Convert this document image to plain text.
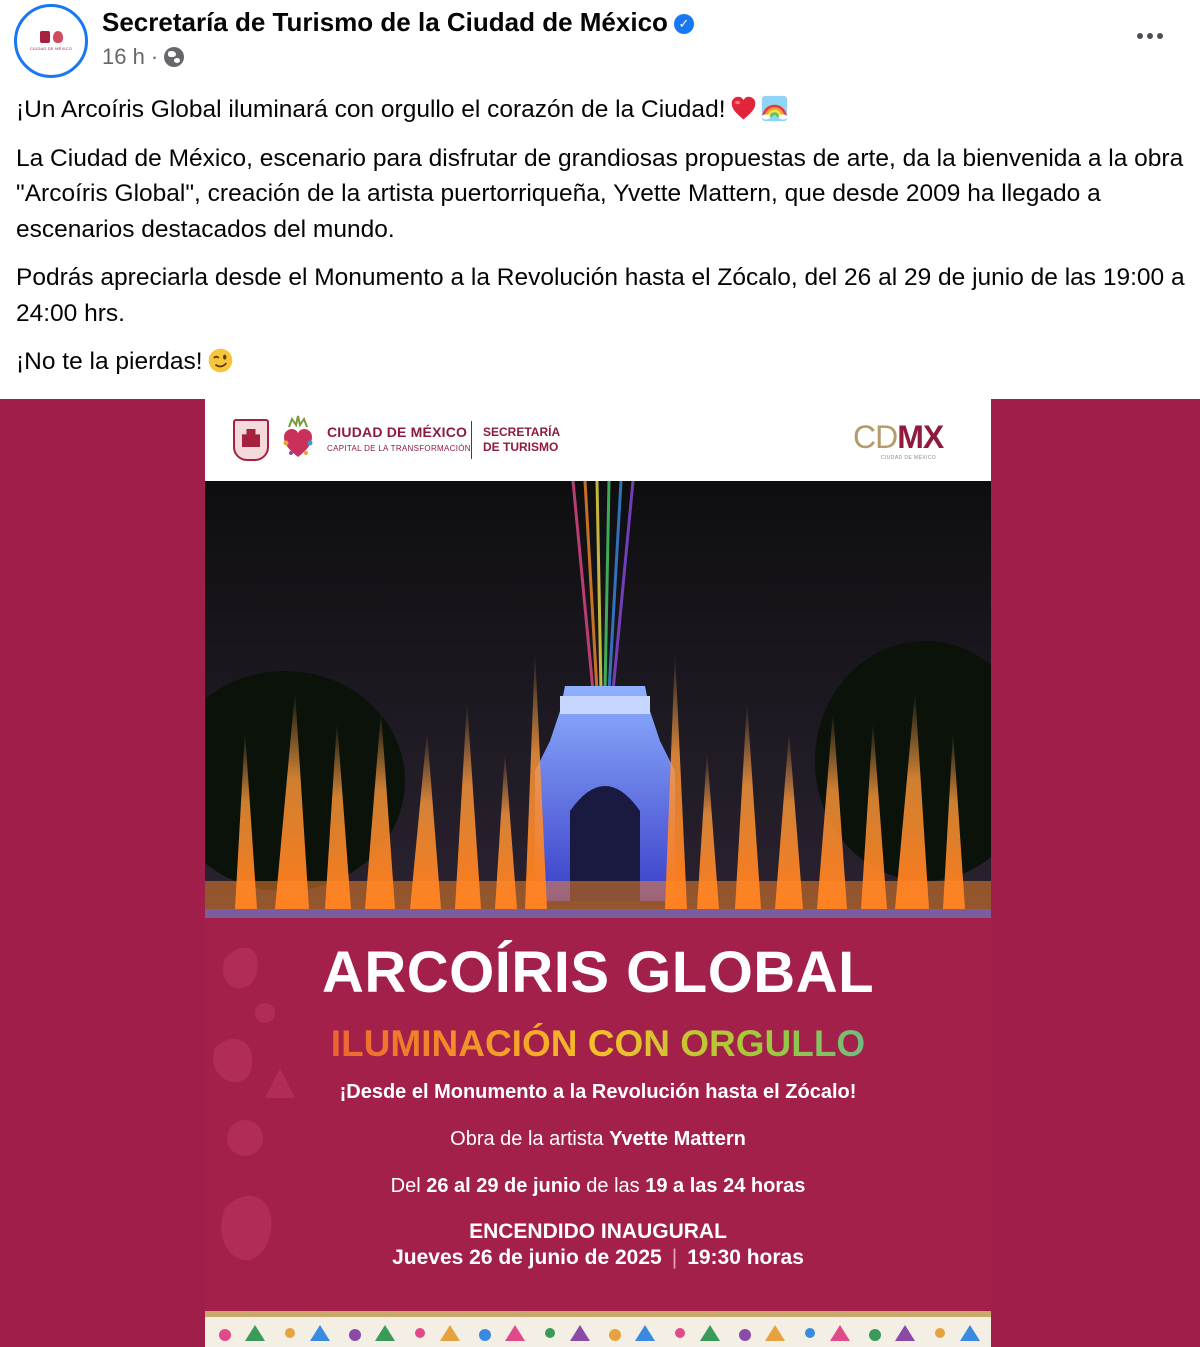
CIUDAD DE MÉXICO
Secretaría de Turismo de la Ciudad de México ✓
16 h ·

¡Un Arcoíris Global iluminará con orgullo el corazón de la Ciudad!

La Ciudad de México, escenario para disfrutar de grandiosas propuestas de arte, da la bienvenida a la obra "Arcoíris Global", creación de la artista puertorriqueña, Yvette Mattern, que desde 2009 ha llegado a escenarios destacados del mundo.

Podrás apreciarla desde el Monumento a la Revolución hasta el Zócalo, del 26 al 29 de junio de las 19:00 a 24:00 hrs.

¡No te la pierdas!

CIUDAD DE MÉXICO
CAPITAL DE LA TRANSFORMACIÓN
SECRETARÍA
DE TURISMO	CDMX
CIUDAD DE MÉXICO
ARCOÍRIS GLOBAL
ILUMINACIÓN CON ORGULLO
¡Desde el Monumento a la Revolución hasta el Zócalo!
Obra de la artista Yvette Mattern
Del 26 al 29 de junio de las 19 a las 24 horas
ENCENDIDO INAUGURAL
Jueves 26 de junio de 2025 | 19:30 horas
